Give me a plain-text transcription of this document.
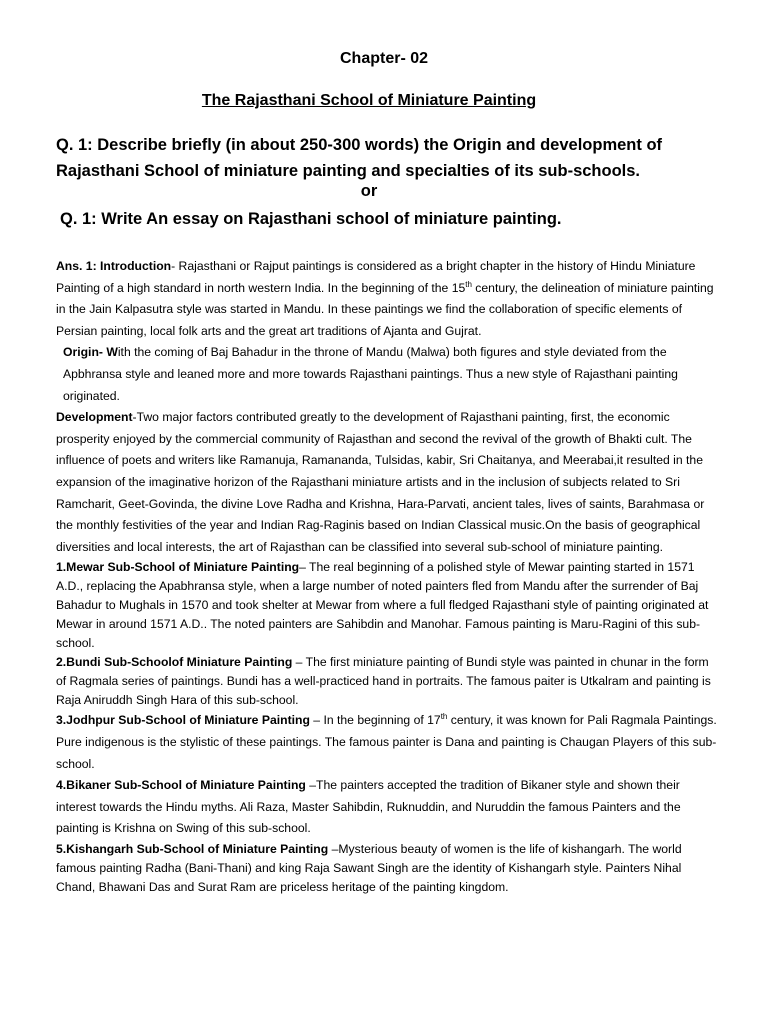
Chapter- 02
The Rajasthani School of Miniature Painting
Q. 1: Describe briefly (in about 250-300 words) the Origin and development of Rajasthani School of miniature painting and specialties of its sub-schools.
or
Q. 1: Write An essay on Rajasthani school of miniature painting.

Ans. 1: Introduction- Rajasthani or Rajput paintings is considered as a bright chapter in the history of Hindu Miniature Painting of a high standard in north western India. In the beginning of the 15th century, the delineation of miniature painting in the Jain Kalpasutra style was started in Mandu. In these paintings we find the collaboration of specific elements of Persian painting, local folk arts and the great art traditions of Ajanta and Gujrat.

Origin- With the coming of Baj Bahadur in the throne of Mandu (Malwa) both figures and style deviated from the Apbhransa style and leaned more and more towards Rajasthani paintings. Thus a new style of Rajasthani painting originated.

Development-Two major factors contributed greatly to the development of Rajasthani painting, first, the economic prosperity enjoyed by the commercial community of Rajasthan and second the revival of the growth of Bhakti cult. The influence of poets and writers like Ramanuja, Ramananda, Tulsidas, kabir, Sri Chaitanya, and Meerabai,it resulted in the expansion of the imaginative horizon of the Rajasthani miniature artists and in the inclusion of subjects related to Sri Ramcharit, Geet-Govinda, the divine Love Radha and Krishna, Hara-Parvati, ancient tales, lives of saints, Barahmasa or the monthly festivities of the year and Indian Rag-Raginis based on Indian Classical music.On the basis of geographical diversities and local interests, the art of Rajasthan can be classified into several sub-school of miniature painting.

1.Mewar Sub-School of Miniature Painting– The real beginning of a polished style of Mewar painting started in 1571 A.D., replacing the Apabhransa style, when a large number of noted painters fled from Mandu after the surrender of Baj Bahadur to Mughals in 1570 and took shelter at Mewar from where a full fledged Rajasthani style of painting originated at Mewar in around 1571 A.D.. The noted painters are Sahibdin and Manohar. Famous painting is Maru-Ragini of this sub-school.

2.Bundi Sub-Schoolof Miniature Painting – The first miniature painting of Bundi style was painted in chunar in the form of Ragmala series of paintings. Bundi has a well-practiced hand in portraits. The famous paiter is Utkalram and painting is Raja Aniruddh Singh Hara of this sub-school.

3.Jodhpur Sub-School of Miniature Painting – In the beginning of 17th century, it was known for Pali Ragmala Paintings. Pure indigenous is the stylistic of these paintings. The famous painter is Dana and painting is Chaugan Players of this sub-school.

4.Bikaner Sub-School of Miniature Painting –The painters accepted the tradition of Bikaner style and shown their interest towards the Hindu myths. Ali Raza, Master Sahibdin, Ruknuddin, and Nuruddin the famous Painters and the painting is Krishna on Swing of this sub-school.

5.Kishangarh Sub-School of Miniature Painting –Mysterious beauty of women is the life of kishangarh. The world famous painting Radha (Bani-Thani) and king Raja Sawant Singh are the identity of Kishangarh style. Painters Nihal Chand, Bhawani Das and Surat Ram are priceless heritage of the painting kingdom.
